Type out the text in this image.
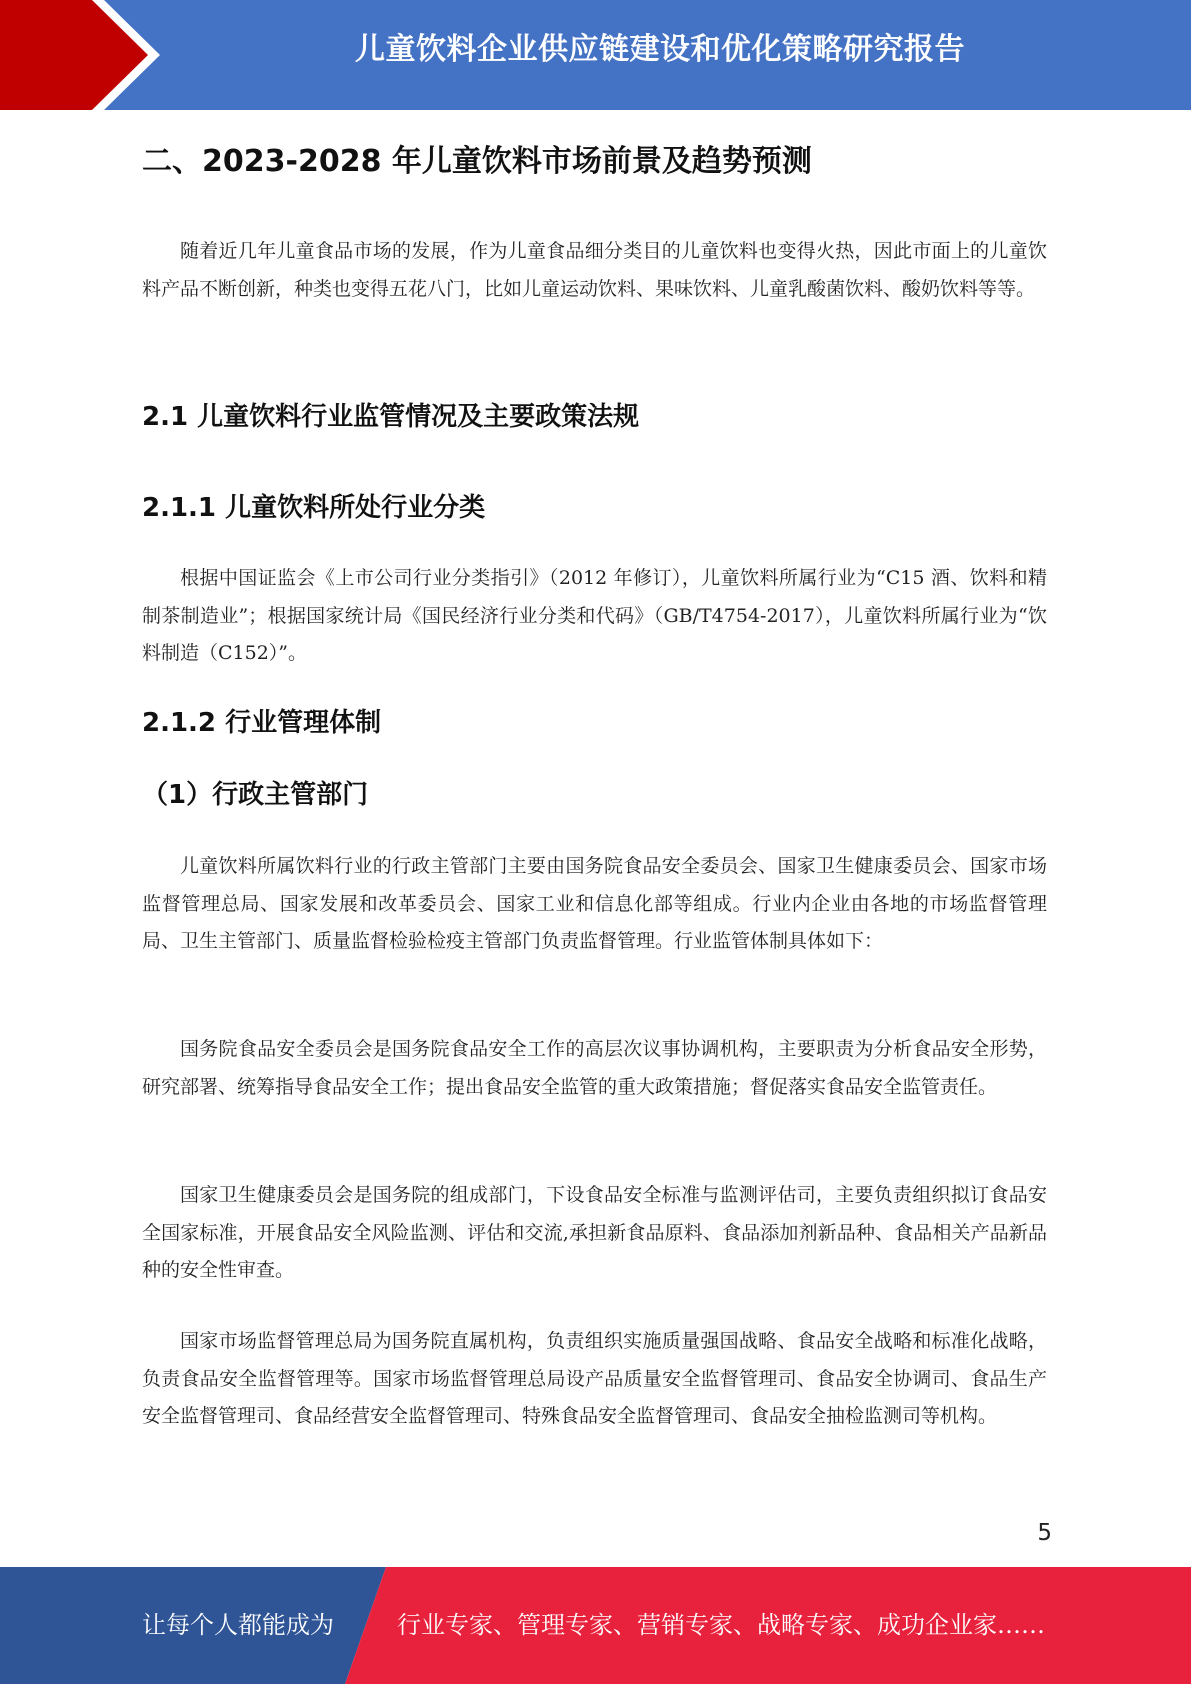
儿童饮料企业供应链建设和优化策略研究报告
二、2023-2028 年儿童饮料市场前景及趋势预测

随着近几年儿童食品市场的发展，作为儿童食品细分类目的儿童饮料也变得火热，因此市面上的儿童饮料产品不断创新，种类也变得五花八门，比如儿童运动饮料、果味饮料、儿童乳酸菌饮料、酸奶饮料等等。

2.1 儿童饮料行业监管情况及主要政策法规
2.1.1 儿童饮料所处行业分类

根据中国证监会《上市公司行业分类指引》（2012 年修订），儿童饮料所属行业为“C15 酒、饮料和精制茶制造业”；根据国家统计局《国民经济行业分类和代码》（GB/T4754-2017），儿童饮料所属行业为“饮料制造（C152）”。

2.1.2 行业管理体制
（1）行政主管部门

儿童饮料所属饮料行业的行政主管部门主要由国务院食品安全委员会、国家卫生健康委员会、国家市场监督管理总局、国家发展和改革委员会、国家工业和信息化部等组成。行业内企业由各地的市场监督管理局、卫生主管部门、质量监督检验检疫主管部门负责监督管理。行业监管体制具体如下：

国务院食品安全委员会是国务院食品安全工作的高层次议事协调机构，主要职责为分析食品安全形势，研究部署、统筹指导食品安全工作；提出食品安全监管的重大政策措施；督促落实食品安全监管责任。

国家卫生健康委员会是国务院的组成部门，下设食品安全标准与监测评估司，主要负责组织拟订食品安全国家标准，开展食品安全风险监测、评估和交流,承担新食品原料、食品添加剂新品种、食品相关产品新品种的安全性审查。

国家市场监督管理总局为国务院直属机构，负责组织实施质量强国战略、食品安全战略和标准化战略，负责食品安全监督管理等。国家市场监督管理总局设产品质量安全监督管理司、食品安全协调司、食品生产安全监督管理司、食品经营安全监督管理司、特殊食品安全监督管理司、食品安全抽检监测司等机构。

5
让每个人都能成为	行业专家、管理专家、营销专家、战略专家、成功企业家……
